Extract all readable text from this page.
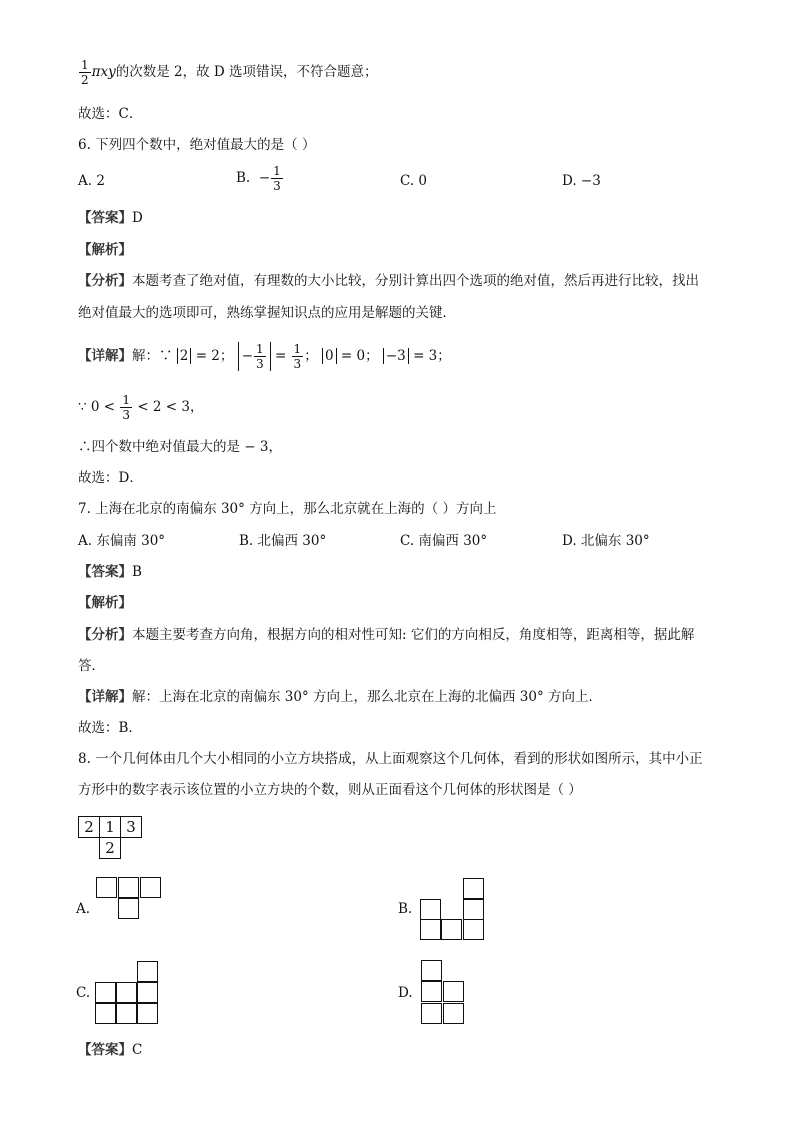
$\frac{1}{2}$ πxy的次数是 2，故 D 选项错误，不符合题意；
故选：C．
6. 下列四个数中，绝对值最大的是（ ）
A. 2	B. − $\frac{1}{3}$	C. 0	D. −3
【答案】D
【解析】
【分析】本题考查了绝对值，有理数的大小比较，分别计算出四个选项的绝对值，然后再进行比较，找出
绝对值最大的选项即可，熟练掌握知识点的应用是解题的关键．
【详解】解：∵ 2 = 2； − $\frac{1}{3} = \frac{1}{3}$ ； 0 = 0； −3 = 3；
∵ $0 < \frac{1}{3} < 2 < 3$，
∴四个数中绝对值最大的是 − 3，
故选：D．
7. 上海在北京的南偏东 30° 方向上，那么北京就在上海的（ ）方向上
A. 东偏南 30°	B. 北偏西 30°	C. 南偏西 30°	D. 北偏东 30°
【答案】B
【解析】
【分析】本题主要考查方向角，根据方向的相对性可知: 它们的方向相反，角度相等，距离相等，据此解
答．
【详解】解：上海在北京的南偏东 30° 方向上，那么北京在上海的北偏西 30° 方向上．
故选：B．
8. 一个几何体由几个大小相同的小立方块搭成，从上面观察这个几何体，看到的形状如图所示，其中小正
方形中的数字表示该位置的小立方块的个数，则从正面看这个几何体的形状图是（ ）
2 1 3
2
A.	B.
C.	D.
【答案】C
